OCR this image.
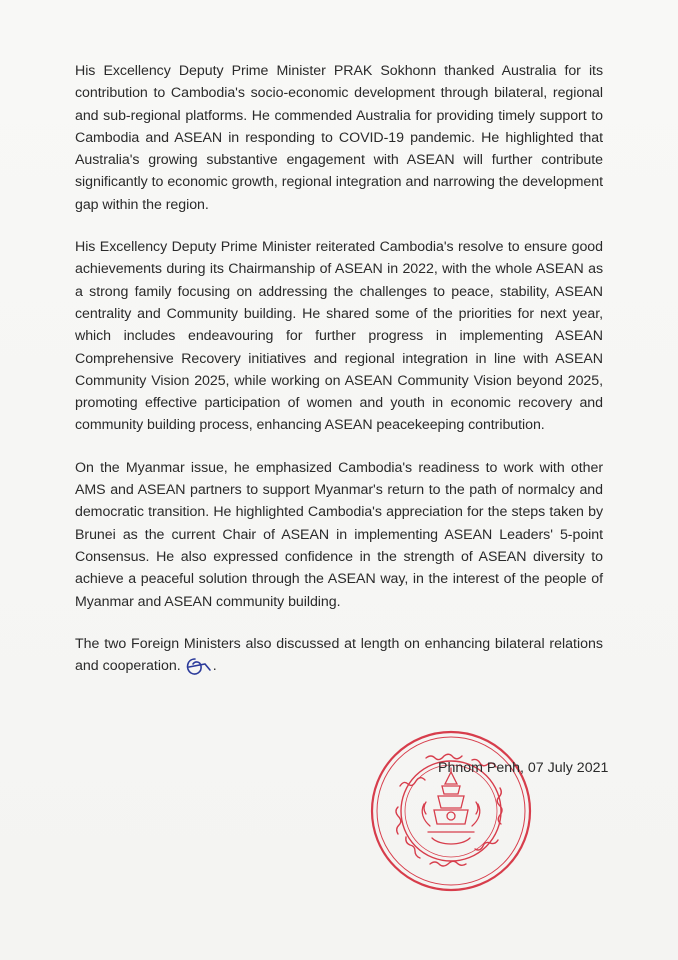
His Excellency Deputy Prime Minister PRAK Sokhonn thanked Australia for its contribution to Cambodia's socio-economic development through bilateral, regional and sub-regional platforms. He commended Australia for providing timely support to Cambodia and ASEAN in responding to COVID-19 pandemic. He highlighted that Australia's growing substantive engagement with ASEAN will further contribute significantly to economic growth, regional integration and narrowing the development gap within the region.

His Excellency Deputy Prime Minister reiterated Cambodia's resolve to ensure good achievements during its Chairmanship of ASEAN in 2022, with the whole ASEAN as a strong family focusing on addressing the challenges to peace, stability, ASEAN centrality and Community building. He shared some of the priorities for next year, which includes endeavouring for further progress in implementing ASEAN Comprehensive Recovery initiatives and regional integration in line with ASEAN Community Vision 2025, while working on ASEAN Community Vision beyond 2025, promoting effective participation of women and youth in economic recovery and community building process, enhancing ASEAN peacekeeping contribution.

On the Myanmar issue, he emphasized Cambodia's readiness to work with other AMS and ASEAN partners to support Myanmar's return to the path of normalcy and democratic transition. He highlighted Cambodia's appreciation for the steps taken by Brunei as the current Chair of ASEAN in implementing ASEAN Leaders' 5-point Consensus. He also expressed confidence in the strength of ASEAN diversity to achieve a peaceful solution through the ASEAN way, in the interest of the people of Myanmar and ASEAN community building.

The two Foreign Ministers also discussed at length on enhancing bilateral relations and cooperation. .

Phnom Penh, 07 July 2021
